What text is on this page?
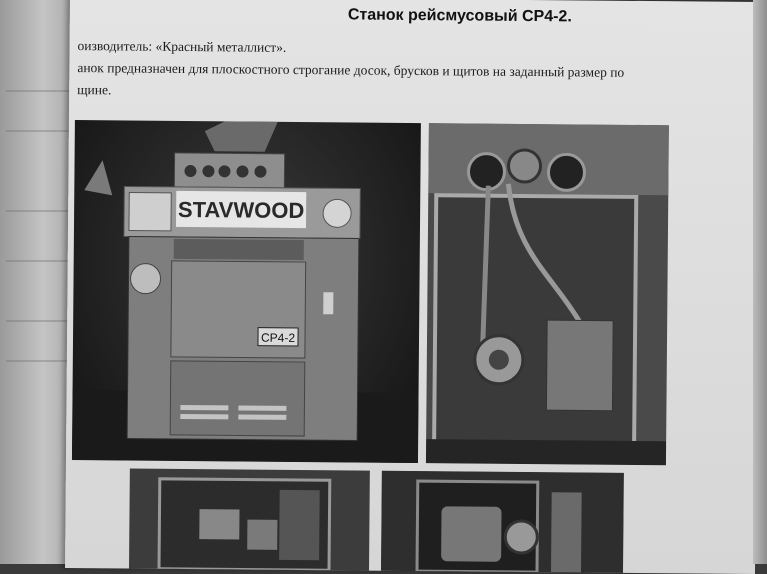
Станок рейсмусовый СР4-2.
оизводитель: «Красный металлист».
анок предназначен для плоскостного строгание досок, брусков и щитов на заданный размер по
щине.
STAVWOOD
СР4-2
